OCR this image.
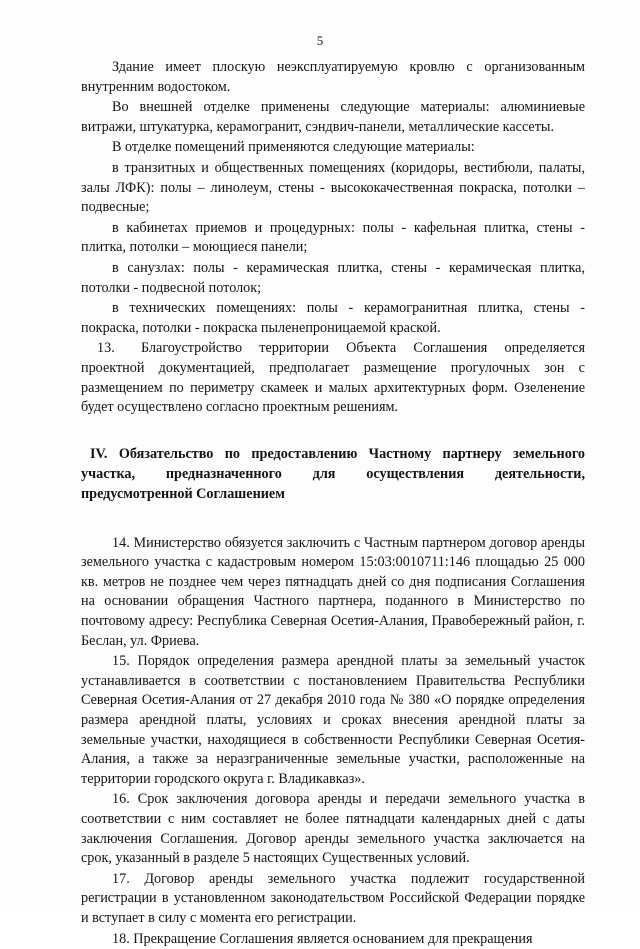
5

Здание имеет плоскую неэксплуатируемую кровлю с организованным внутренним водостоком.

Во внешней отделке применены следующие материалы: алюминиевые витражи, штукатурка, керамогранит, сэндвич-панели, металлические кассеты.

В отделке помещений применяются следующие материалы:

в транзитных и общественных помещениях (коридоры, вестибюли, палаты, залы ЛФК): полы – линолеум, стены - высококачественная покраска, потолки – подвесные;

в кабинетах приемов и процедурных: полы - кафельная плитка, стены - плитка, потолки – моющиеся панели;

в санузлах: полы - керамическая плитка, стены - керамическая плитка, потолки - подвесной потолок;

в технических помещениях: полы - керамогранитная плитка, стены - покраска, потолки - покраска пыленепроницаемой краской.

13. Благоустройство территории Объекта Соглашения определяется проектной документацией, предполагает размещение прогулочных зон с размещением по периметру скамеек и малых архитектурных форм. Озеленение будет осуществлено согласно проектным решениям.

IV. Обязательство по предоставлению Частному партнеру земельного участка, предназначенного для осуществления деятельности, предусмотренной Соглашением

14. Министерство обязуется заключить с Частным партнером договор аренды земельного участка с кадастровым номером 15:03:0010711:146 площадью 25 000 кв. метров не позднее чем через пятнадцать дней со дня подписания Соглашения на основании обращения Частного партнера, поданного в Министерство по почтовому адресу: Республика Северная Осетия-Алания, Правобережный район, г. Беслан, ул. Фриева.

15. Порядок определения размера арендной платы за земельный участок устанавливается в соответствии с постановлением Правительства Республики Северная Осетия-Алания от 27 декабря 2010 года № 380 «О порядке определения размера арендной платы, условиях и сроках внесения арендной платы за земельные участки, находящиеся в собственности Республики Северная Осетия-Алания, а также за неразграниченные земельные участки, расположенные на территории городского округа г. Владикавказ».

16. Срок заключения договора аренды и передачи земельного участка в соответствии с ним составляет не более пятнадцати календарных дней с даты заключения Соглашения. Договор аренды земельного участка заключается на срок, указанный в разделе 5 настоящих Существенных условий.

17. Договор аренды земельного участка подлежит государственной регистрации в установленном законодательством Российской Федерации порядке и вступает в силу с момента его регистрации.

18. Прекращение Соглашения является основанием для прекращения
